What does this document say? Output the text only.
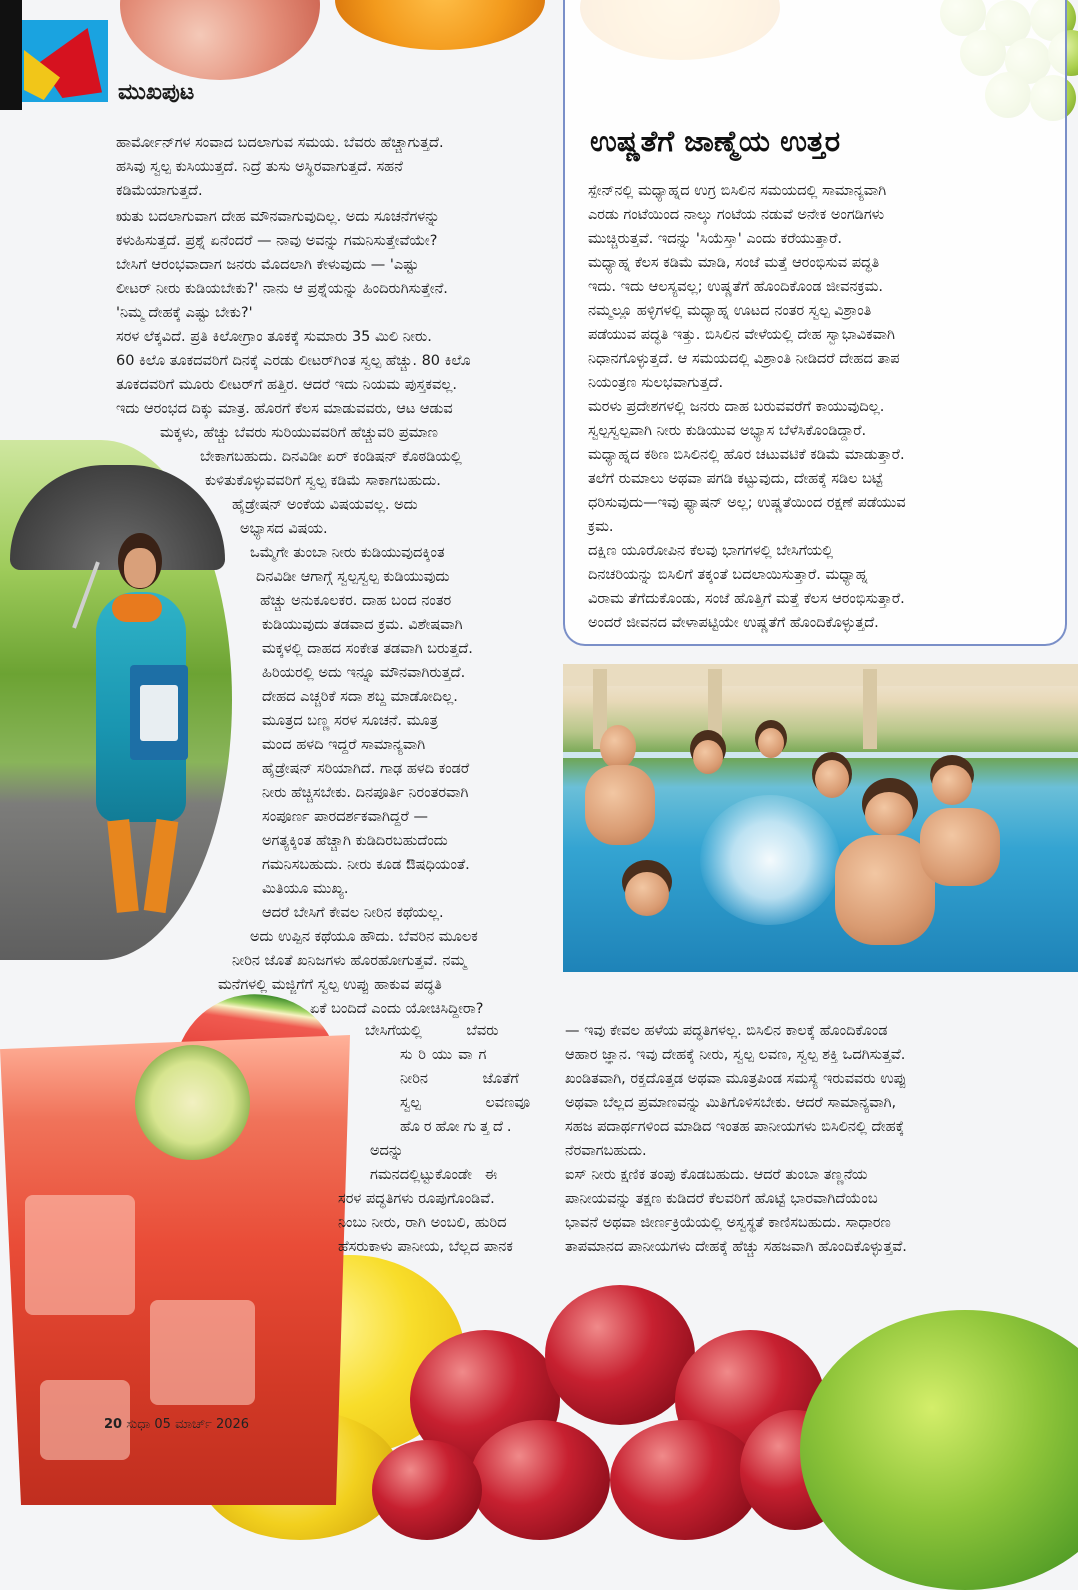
ಮುಖಪುಟ
ಉಷ್ಣತೆಗೆ ಜಾಣ್ಮೆಯ ಉತ್ತರ
ಸ್ಪೇನ್‌ನಲ್ಲಿ ಮಧ್ಯಾಹ್ನದ ಉಗ್ರ ಬಿಸಿಲಿನ ಸಮಯದಲ್ಲಿ ಸಾಮಾನ್ಯವಾಗಿ
ಎರಡು ಗಂಟೆಯಿಂದ ನಾಲ್ಕು ಗಂಟೆಯ ನಡುವೆ ಅನೇಕ ಅಂಗಡಿಗಳು
ಮುಚ್ಚಿರುತ್ತವೆ. ಇದನ್ನು 'ಸಿಯೆಸ್ತಾ' ಎಂದು ಕರೆಯುತ್ತಾರೆ.
ಮಧ್ಯಾಹ್ನ ಕೆಲಸ ಕಡಿಮೆ ಮಾಡಿ, ಸಂಜೆ ಮತ್ತೆ ಆರಂಭಿಸುವ ಪದ್ಧತಿ
ಇದು. ಇದು ಆಲಸ್ಯವಲ್ಲ; ಉಷ್ಣತೆಗೆ ಹೊಂದಿಕೊಂಡ ಜೀವನಕ್ರಮ.
ನಮ್ಮಲ್ಲೂ ಹಳ್ಳಿಗಳಲ್ಲಿ ಮಧ್ಯಾಹ್ನ ಊಟದ ನಂತರ ಸ್ವಲ್ಪ ವಿಶ್ರಾಂತಿ
ಪಡೆಯುವ ಪದ್ಧತಿ ಇತ್ತು. ಬಿಸಿಲಿನ ವೇಳೆಯಲ್ಲಿ ದೇಹ ಸ್ವಾಭಾವಿಕವಾಗಿ
ನಿಧಾನಗೊಳ್ಳುತ್ತದೆ. ಆ ಸಮಯದಲ್ಲಿ ವಿಶ್ರಾಂತಿ ನೀಡಿದರೆ ದೇಹದ ತಾಪ
ನಿಯಂತ್ರಣ ಸುಲಭವಾಗುತ್ತದೆ.
ಮರಳು ಪ್ರದೇಶಗಳಲ್ಲಿ ಜನರು ದಾಹ ಬರುವವರೆಗೆ ಕಾಯುವುದಿಲ್ಲ.
ಸ್ವಲ್ಪಸ್ವಲ್ಪವಾಗಿ ನೀರು ಕುಡಿಯುವ ಅಭ್ಯಾಸ ಬೆಳೆಸಿಕೊಂಡಿದ್ದಾರೆ.
ಮಧ್ಯಾಹ್ನದ ಕಠಿಣ ಬಿಸಿಲಿನಲ್ಲಿ ಹೊರ ಚಟುವಟಿಕೆ ಕಡಿಮೆ ಮಾಡುತ್ತಾರೆ.
ತಲೆಗೆ ರುಮಾಲು ಅಥವಾ ಪಗಡಿ ಕಟ್ಟುವುದು, ದೇಹಕ್ಕೆ ಸಡಿಲ ಬಟ್ಟೆ
ಧರಿಸುವುದು—ಇವು ಫ್ಯಾಷನ್ ಅಲ್ಲ; ಉಷ್ಣತೆಯಿಂದ ರಕ್ಷಣೆ ಪಡೆಯುವ
ಕ್ರಮ.
ದಕ್ಷಿಣ ಯೂರೋಪಿನ ಕೆಲವು ಭಾಗಗಳಲ್ಲಿ ಬೇಸಿಗೆಯಲ್ಲಿ
ದಿನಚರಿಯನ್ನು ಬಿಸಿಲಿಗೆ ತಕ್ಕಂತೆ ಬದಲಾಯಿಸುತ್ತಾರೆ. ಮಧ್ಯಾಹ್ನ
ವಿರಾಮ ತೆಗೆದುಕೊಂಡು, ಸಂಜೆ ಹೊತ್ತಿಗೆ ಮತ್ತೆ ಕೆಲಸ ಆರಂಭಿಸುತ್ತಾರೆ.
ಅಂದರೆ ಜೀವನದ ವೇಳಾಪಟ್ಟಿಯೇ ಉಷ್ಣತೆಗೆ ಹೊಂದಿಕೊಳ್ಳುತ್ತದೆ.
ಹಾರ್ಮೋನ್‌ಗಳ ಸಂವಾದ ಬದಲಾಗುವ ಸಮಯ. ಬೆವರು ಹೆಚ್ಚಾಗುತ್ತದೆ.
ಹಸಿವು ಸ್ವಲ್ಪ ಕುಸಿಯುತ್ತದೆ. ನಿದ್ರೆ ತುಸು ಅಸ್ಥಿರವಾಗುತ್ತದೆ. ಸಹನೆ
ಕಡಿಮೆಯಾಗುತ್ತದೆ.
ಋತು ಬದಲಾಗುವಾಗ ದೇಹ ಮೌನವಾಗುವುದಿಲ್ಲ. ಅದು ಸೂಚನೆಗಳನ್ನು
ಕಳುಹಿಸುತ್ತದೆ. ಪ್ರಶ್ನೆ ಏನೆಂದರೆ — ನಾವು ಅವನ್ನು ಗಮನಿಸುತ್ತೇವೆಯೇ?
ಬೇಸಿಗೆ ಆರಂಭವಾದಾಗ ಜನರು ಮೊದಲಾಗಿ ಕೇಳುವುದು — 'ಎಷ್ಟು
ಲೀಟರ್ ನೀರು ಕುಡಿಯಬೇಕು?' ನಾನು ಆ ಪ್ರಶ್ನೆಯನ್ನು ಹಿಂದಿರುಗಿಸುತ್ತೇನೆ.
'ನಿಮ್ಮ ದೇಹಕ್ಕೆ ಎಷ್ಟು ಬೇಕು?'
ಸರಳ ಲೆಕ್ಕವಿದೆ. ಪ್ರತಿ ಕಿಲೋಗ್ರಾಂ ತೂಕಕ್ಕೆ ಸುಮಾರು 35 ಮಿಲಿ ನೀರು.
60 ಕಿಲೊ ತೂಕದವರಿಗೆ ದಿನಕ್ಕೆ ಎರಡು ಲೀಟರ್‌ಗಿಂತ ಸ್ವಲ್ಪ ಹೆಚ್ಚು. 80 ಕಿಲೊ
ತೂಕದವರಿಗೆ ಮೂರು ಲೀಟರ್‌ಗೆ ಹತ್ತಿರ. ಆದರೆ ಇದು ನಿಯಮ ಪುಸ್ತಕವಲ್ಲ.
ಇದು ಆರಂಭದ ದಿಕ್ಕು ಮಾತ್ರ. ಹೊರಗೆ ಕೆಲಸ ಮಾಡುವವರು, ಆಟ ಆಡುವ
ಮಕ್ಕಳು, ಹೆಚ್ಚು ಬೆವರು ಸುರಿಯುವವರಿಗೆ ಹೆಚ್ಚುವರಿ ಪ್ರಮಾಣ
ಬೇಕಾಗಬಹುದು. ದಿನವಿಡೀ ಏರ್ ಕಂಡಿಷನ್ ಕೊಠಡಿಯಲ್ಲಿ
ಕುಳಿತುಕೊಳ್ಳುವವರಿಗೆ ಸ್ವಲ್ಪ ಕಡಿಮೆ ಸಾಕಾಗಬಹುದು.
ಹೈಡ್ರೇಷನ್ ಅಂಕೆಯ ವಿಷಯವಲ್ಲ. ಅದು
ಅಭ್ಯಾಸದ ವಿಷಯ.
ಒಮ್ಮೆಗೇ ತುಂಬಾ ನೀರು ಕುಡಿಯುವುದಕ್ಕಿಂತ
ದಿನವಿಡೀ ಆಗಾಗ್ಗೆ ಸ್ವಲ್ಪಸ್ವಲ್ಪ ಕುಡಿಯುವುದು
ಹೆಚ್ಚು ಅನುಕೂಲಕರ. ದಾಹ ಬಂದ ನಂತರ
ಕುಡಿಯುವುದು ತಡವಾದ ಕ್ರಮ. ವಿಶೇಷವಾಗಿ
ಮಕ್ಕಳಲ್ಲಿ ದಾಹದ ಸಂಕೇತ ತಡವಾಗಿ ಬರುತ್ತದೆ.
ಹಿರಿಯರಲ್ಲಿ ಅದು ಇನ್ನೂ ಮೌನವಾಗಿರುತ್ತದೆ.
ದೇಹದ ಎಚ್ಚರಿಕೆ ಸದಾ ಶಬ್ದ ಮಾಡೋದಿಲ್ಲ.
ಮೂತ್ರದ ಬಣ್ಣ ಸರಳ ಸೂಚನೆ. ಮೂತ್ರ
ಮಂದ ಹಳದಿ ಇದ್ದರೆ ಸಾಮಾನ್ಯವಾಗಿ
ಹೈಡ್ರೇಷನ್ ಸರಿಯಾಗಿದೆ. ಗಾಢ ಹಳದಿ ಕಂಡರೆ
ನೀರು ಹೆಚ್ಚಿಸಬೇಕು. ದಿನಪೂರ್ತಿ ನಿರಂತರವಾಗಿ
ಸಂಪೂರ್ಣ ಪಾರದರ್ಶಕವಾಗಿದ್ದರೆ —
ಅಗತ್ಯಕ್ಕಿಂತ ಹೆಚ್ಚಾಗಿ ಕುಡಿದಿರಬಹುದೆಂದು
ಗಮನಿಸಬಹುದು. ನೀರು ಕೂಡ ಔಷಧಿಯಂತೆ.
ಮಿತಿಯೂ ಮುಖ್ಯ.
ಆದರೆ ಬೇಸಿಗೆ ಕೇವಲ ನೀರಿನ ಕಥೆಯಲ್ಲ.
ಅದು ಉಪ್ಪಿನ ಕಥೆಯೂ ಹೌದು. ಬೆವರಿನ ಮೂಲಕ
ನೀರಿನ ಜೊತೆ ಖನಿಜಗಳು ಹೊರಹೋಗುತ್ತವೆ. ನಮ್ಮ
ಮನೆಗಳಲ್ಲಿ ಮಜ್ಜಿಗೆಗೆ ಸ್ವಲ್ಪ ಉಪ್ಪು ಹಾಕುವ ಪದ್ಧತಿ
ಏಕೆ ಬಂದಿದೆ ಎಂದು ಯೋಚಿಸಿದ್ದೀರಾ?
ಬೇಸಿಗೆಯಲ್ಲಿ ಬೆವರು
ಸುರಿಯುವಾಗ
ನೀರಿನ ಜೊತೆಗೆ
ಸ್ವಲ್ಪ ಲವಣವೂ
ಹೊರಹೋಗುತ್ತದೆ.
ಅದನ್ನು
ಗಮನದಲ್ಲಿಟ್ಟುಕೊಂಡೇ ಈ
ಸರಳ ಪದ್ಧತಿಗಳು ರೂಪುಗೊಂಡಿವೆ.
ನಿಂಬು ನೀರು, ರಾಗಿ ಅಂಬಲಿ, ಹುರಿದ
ಹೆಸರುಕಾಳು ಪಾನೀಯ, ಬೆಲ್ಲದ ಪಾನಕ
— ಇವು ಕೇವಲ ಹಳೆಯ ಪದ್ಧತಿಗಳಲ್ಲ. ಬಿಸಿಲಿನ ಕಾಲಕ್ಕೆ ಹೊಂದಿಕೊಂಡ
ಆಹಾರ ಜ್ಞಾನ. ಇವು ದೇಹಕ್ಕೆ ನೀರು, ಸ್ವಲ್ಪ ಲವಣ, ಸ್ವಲ್ಪ ಶಕ್ತಿ ಒದಗಿಸುತ್ತವೆ.
ಖಂಡಿತವಾಗಿ, ರಕ್ತದೊತ್ತಡ ಅಥವಾ ಮೂತ್ರಪಿಂಡ ಸಮಸ್ಯೆ ಇರುವವರು ಉಪ್ಪು
ಅಥವಾ ಬೆಲ್ಲದ ಪ್ರಮಾಣವನ್ನು ಮಿತಿಗೊಳಿಸಬೇಕು. ಆದರೆ ಸಾಮಾನ್ಯವಾಗಿ,
ಸಹಜ ಪದಾರ್ಥಗಳಿಂದ ಮಾಡಿದ ಇಂತಹ ಪಾನೀಯಗಳು ಬಿಸಿಲಿನಲ್ಲಿ ದೇಹಕ್ಕೆ
ನೆರವಾಗಬಹುದು.
ಐಸ್ ನೀರು ಕ್ಷಣಿಕ ತಂಪು ಕೊಡಬಹುದು. ಆದರೆ ತುಂಬಾ ತಣ್ಣನೆಯ
ಪಾನೀಯವನ್ನು ತಕ್ಷಣ ಕುಡಿದರೆ ಕೆಲವರಿಗೆ ಹೊಟ್ಟೆ ಭಾರವಾಗಿದೆಯೆಂಬ
ಭಾವನೆ ಅಥವಾ ಜೀರ್ಣಕ್ರಿಯೆಯಲ್ಲಿ ಅಸ್ವಸ್ಥತೆ ಕಾಣಿಸಬಹುದು. ಸಾಧಾರಣ
ತಾಪಮಾನದ ಪಾನೀಯಗಳು ದೇಹಕ್ಕೆ ಹೆಚ್ಚು ಸಹಜವಾಗಿ ಹೊಂದಿಕೊಳ್ಳುತ್ತವೆ.
20 ಸುಧಾ 05 ಮಾರ್ಚ್ 2026
